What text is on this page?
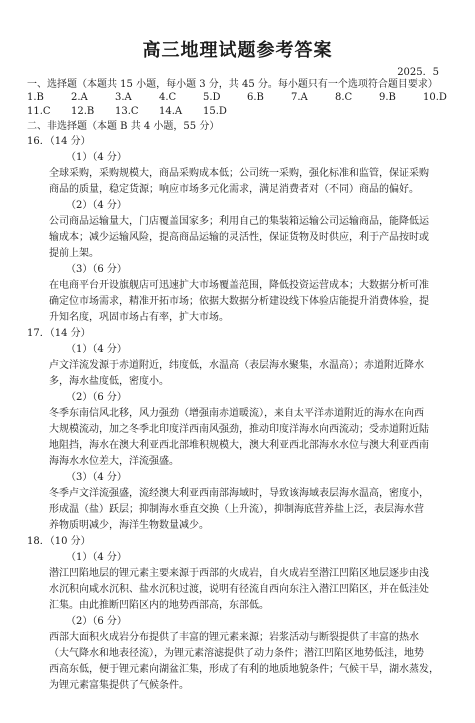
高三地理试题参考答案
2025．5
一、选择题（本题共 15 小题，每小题 3 分，共 45 分。每小题只有一个选项符合题目要求）
1.B	2.A	3.A	4.C	5.D	6.B	7.A	8.C	9.B	10.D
11.C 12.B 13.C 14.A 15.D
二、非选择题（本题 B 共 4 小题，55 分）
16．（14 分）
（1）（4 分）
全球采购，采购规模大，商品采购成本低；公司统一采购，强化标准和监管，保证采购
商品的质量，稳定货源；响应市场多元化需求，满足消费者对（不同）商品的偏好。
（2）（4 分）
公司商品运输量大，门店覆盖国家多；利用自己的集装箱运输公司运输商品，能降低运
输成本；减少运输风险，提高商品运输的灵活性，保证货物及时供应，利于产品按时或
提前上架。
（3）（6 分）
在电商平台开设旗舰店可迅速扩大市场覆盖范围，降低投资运营成本；大数据分析可准
确定位市场需求，精准开拓市场；依据大数据分析建设线下体验店能提升消费体验，提
升知名度，巩固市场占有率，扩大市场。
17．（14 分）
（1）（4 分）
卢文洋流发源于赤道附近，纬度低，水温高（表层海水聚集，水温高）；赤道附近降水
多，海水盐度低，密度小。
（2）（6 分）
冬季东南信风北移，风力强劲（增强南赤道暖流），来自太平洋赤道附近的海水在向西
大规模流动，加之冬季北印度洋西南风强劲，推动印度洋海水向西流动；受赤道附近陆
地阻挡，海水在澳大利亚西北部堆积规模大，澳大利亚西北部海水水位与澳大利亚西南
海海水水位差大，洋流强盛。
（3）（4 分）
冬季卢文洋流强盛，流经澳大利亚西南部海域时，导致该海域表层海水温高，密度小，
形成温（盐）跃层；抑制海水垂直交换（上升流），抑制海底营养盐上泛，表层海水营
养物质明减少，海洋生物数量减少。
18．（10 分）
（1）（4 分）
潜江凹陷地层的锂元素主要来源于西部的火成岩，自火成岩至潜江凹陷区地层逐步由浅
水沉积向咸水沉积、盐水沉积过渡，说明有径流自西向东注入潜江凹陷区，并在低洼处
汇集。由此推断凹陷区内的地势西部高，东部低。
（2）（6 分）
西部大面积火成岩分布提供了丰富的锂元素来源；岩浆活动与断裂提供了丰富的热水
（大气降水和地表径流），为锂元素溶滤提供了动力条件；潜江凹陷区地势低洼，地势
西高东低，便于锂元素向湖盆汇集，形成了有利的地质地貌条件；气候干旱，湖水蒸发，
为锂元素富集提供了气候条件。
